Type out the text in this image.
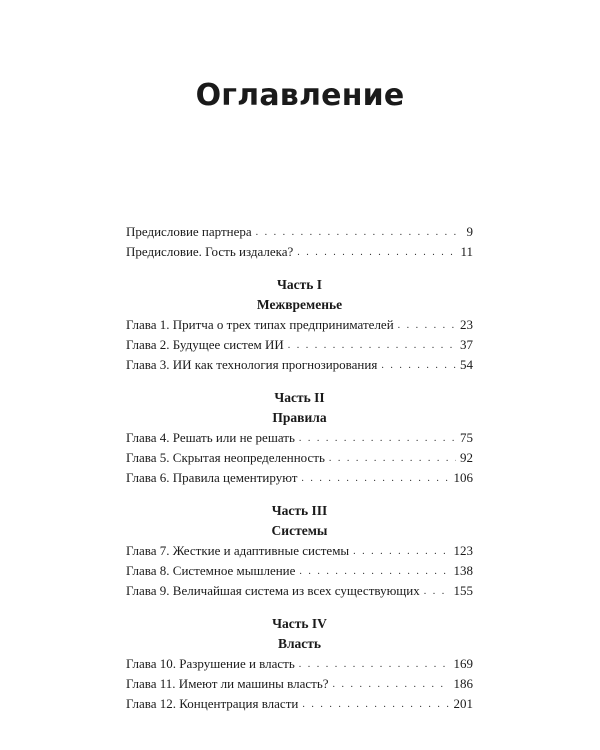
Оглавление
Предисловие партнера . . .	9
Предисловие. Гость издалека? . . .	11
Часть I
Межвременье
Глава 1. Притча о трех типах предпринимателей . . .	23
Глава 2. Будущее систем ИИ . . .	37
Глава 3. ИИ как технология прогнозирования . . .	54
Часть II
Правила
Глава 4. Решать или не решать . . .	75
Глава 5. Скрытая неопределенность . . .	92
Глава 6. Правила цементируют . . .	106
Часть III
Системы
Глава 7. Жесткие и адаптивные системы . . .	123
Глава 8. Системное мышление . . .	138
Глава 9. Величайшая система из всех существующих . . .	155
Часть IV
Власть
Глава 10. Разрушение и власть . . .	169
Глава 11. Имеют ли машины власть? . . .	186
Глава 12. Концентрация власти . . .	201
